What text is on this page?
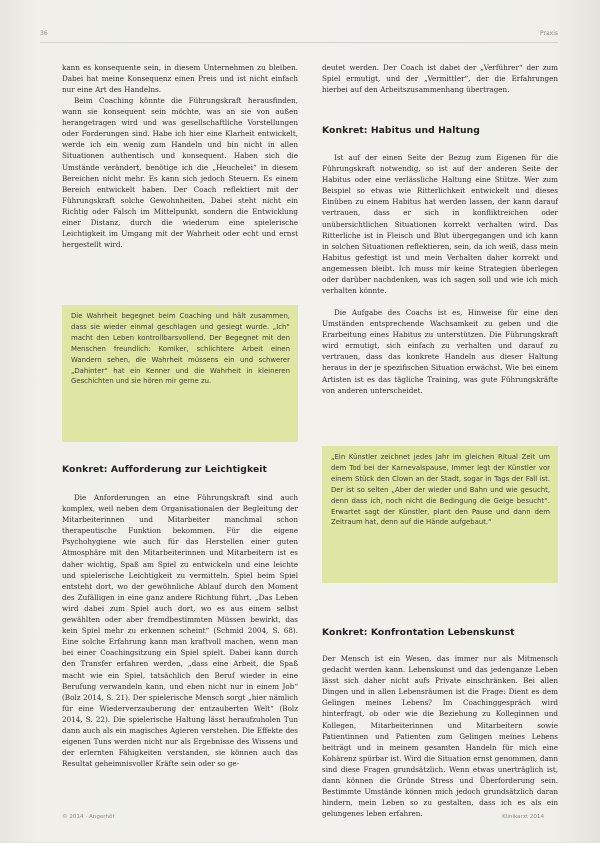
36	Praxis

kann es konsequente sein, in diesem Unternehmen zu bleiben. Dabei hat meine Konsequenz einen Preis und ist nicht einfach nur eine Art des Handelns.

Beim Coaching könnte die Führungskraft herausfinden, wann sie konsequent sein möchte, was an sie von außen herangetragen wird und was gesellschaftliche Vorstellungen oder Forderungen sind. Habe ich hier eine Klarheit entwickelt, werde ich ein wenig zum Handeln und bin nicht in allen Situationen authentisch und konsequent. Haben sich die Umstände verändert, benötige ich die „Heuchelei“ in diesem Bereichen nicht mehr. Es kann sich jedoch Steuern. Es einem Bereich entwickelt haben. Der Coach reflektiert mit der Führungskraft solche Gewohnheiten. Dabei steht nicht ein Richtig oder Falsch im Mittelpunkt, sondern die Entwicklung einer Distanz, durch die wiederum eine spielerische Leichtigkeit im Umgang mit der Wahrheit oder echt und ernst hergestellt wird.

Die Wahrheit begegnet beim Coaching und hält zusammen, dass sie wieder einmal geschlagen und gesiegt wurde. „Ich“ macht den Leben kontrollbarsvollend. Der Begegnet mit den Menschen freundlich: Komiker, schlichtere Arbeit einen Wandern sehen, die Wahrheit müssens ein und schwerer „Dahinter“ hat ein Kenner und die Wahrheit in kleineren Geschichten und sie hören mir gerne zu.
Konkret: Aufforderung zur Leichtigkeit

Die Anforderungen an eine Führungskraft sind auch komplex, weil neben dem Organisationalen der Begleitung der Mitarbeiterinnen und Mitarbeiter manchmal schon therapeutische Funktion bekommen. Für die eigene Psychohygiene wie auch für das Herstellen einer guten Atmosphäre mit den Mitarbeiterinnen und Mitarbeitern ist es daher wichtig, Spaß am Spiel zu entwickeln und eine leichte und spielerische Leichtigkeit zu vermitteln. Spiel beim Spiel entsteht dort, wo der gewöhnliche Ablauf durch den Moment des Zufälligen in eine ganz andere Richtung führt. „Das Leben wird dabei zum Spiel auch dort, wo es aus einem selbst gewählten oder aber fremdbestimmten Müssen bewirkt, das kein Spiel mehr zu erkennen scheint“ (Schmid 2004, S. 68). Eine solche Erfahrung kann man kraftvoll machen, wenn man bei einer Coachingsitzung ein Spiel spielt. Dabei kann durch den Transfer erfahren werden, „dass eine Arbeit, die Spaß macht wie ein Spiel, tatsächlich den Beruf wieder in eine Berufung verwandeln kann, und eben nicht nur in einem Job“ (Bolz 2014, S. 21). Der spielerische Mensch sorgt „hier nämlich für eine Wiederverzauberung der entzauberten Welt“ (Bolz 2014, S. 22). Die spielerische Haltung lässt heraufzuholen Tun dann auch als ein magisches Agieren verstehen. Die Effekte des eigenen Tuns werden nicht nur als Ergebnisse des Wissens und der erlernten Fähigkeiten verstanden, sie können auch das Resultat geheimnisvoller Kräfte sein oder so ge-

deutet werden. Der Coach ist dabei der „Verführer“ der zum Spiel ermutigt, und der „Vermittler“, der die Erfahrungen hierbei auf den Arbeitszusammenhang übertragen.

Konkret: Habitus und Haltung

Ist auf der einen Seite der Bezug zum Eigenen für die Führungskraft notwendig, so ist auf der anderen Seite der Habitus oder eine verlässliche Haltung eine Stütze. Wer zum Beispiel so etwas wie Ritterlichkeit entwickelt und dieses Einüben zu einem Habitus hat werden lassen, der kann darauf vertrauen, dass er sich in konfliktreichen oder unübersichtlichen Situationen korrekt verhalten wird. Das Ritterliche ist in Fleisch und Blut übergegangen und ich kann in solchen Situationen reflektieren, sein, da ich weiß, dass mein Habitus gefestigt ist und mein Verhalten daher korrekt und angemessen bleibt. Ich muss mir keine Strategien überlegen oder darüber nachdenken, was ich sagen soll und wie ich mich verhalten könnte.

Die Aufgabe des Coachs ist es, Hinweise für eine den Umständen entsprechende Wachsamkeit zu geben und die Erarbeitung eines Habitus zu unterstützen. Die Führungskraft wird ermutigt, sich einfach zu verhalten und darauf zu vertrauen, dass das konkrete Handeln aus dieser Haltung heraus in der je spezifischen Situation erwächst. Wie bei einem Artisten ist es das tägliche Training, was gute Führungskräfte von anderen unterscheidet.

„Ein Künstler zeichnet jedes Jahr im gleichen Ritual Zeit um dem Tod bei der Karnevalspause, Immer legt der Künstler vor einem Stück den Clown an der Stadt, sogar in Tags der Fall ist. Der ist so selten „Aber der wieder und Bahn und wie gesucht, denn dass ich, noch nicht die Bedingung die Geige besucht“. Erwartet sagt der Künstler, plant den Pause und dann dem Zeitraum hat, denn auf die Hände aufgebaut.“
Konkret: Konfrontation Lebenskunst

Der Mensch ist ein Wesen, das immer nur als Mitmensch gedacht werden kann. Lebenskunst und das jedenganze Leben lässt sich daher nicht aufs Private einschränken. Bei allen Dingen und in allen Lebensräumen ist die Frage: Dient es dem Gelingen meines Lebens? Im Coachinggespräch wird hinterfragt, ob oder wie die Beziehung zu Kolleginnen und Kollegen, Mitarbeiterinnen und Mitarbeitern sowie Patientinnen und Patienten zum Gelingen meines Lebens beiträgt und in meinem gesamten Handeln für mich eine Kohärenz spürbar ist. Wird die Situation ernst genommen, dann sind diese Fragen grundsätzlich. Wenn etwas unerträglich ist, dann können die Gründe Stress und Überforderung sein. Bestimmte Umstände können mich jedoch grundsätzlich daran hindern, mein Leben so zu gestalten, dass ich es als ein gelungenes leben erfahren.

© 2014 · Angerhöf	Klinikarzt 2014
